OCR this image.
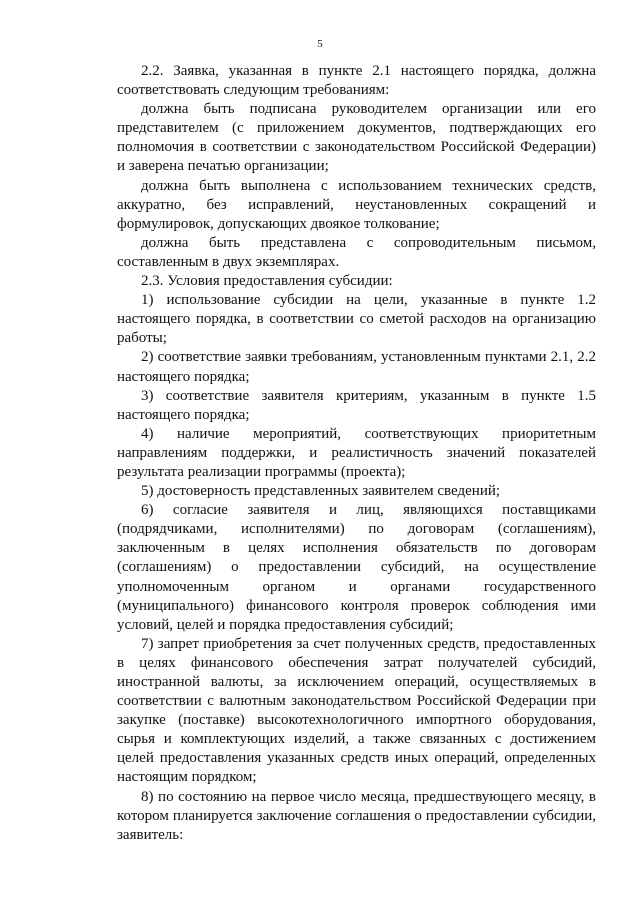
5

2.2. Заявка, указанная в пункте 2.1 настоящего порядка, должна соответствовать следующим требованиям:

должна быть подписана руководителем организации или его представителем (с приложением документов, подтверждающих его полномочия в соответствии с законодательством Российской Федерации) и заверена печатью организации;

должна быть выполнена с использованием технических средств, аккуратно, без исправлений, неустановленных сокращений и формулировок, допускающих двоякое толкование;

должна быть представлена с сопроводительным письмом, составленным в двух экземплярах.

2.3. Условия предоставления субсидии:

1) использование субсидии на цели, указанные в пункте 1.2 настоящего порядка, в соответствии со сметой расходов на организацию работы;

2) соответствие заявки требованиям, установленным пунктами 2.1, 2.2 настоящего порядка;

3) соответствие заявителя критериям, указанным в пункте 1.5 настоящего порядка;

4) наличие мероприятий, соответствующих приоритетным направлениям поддержки, и реалистичность значений показателей результата реализации программы (проекта);

5) достоверность представленных заявителем сведений;

6) согласие заявителя и лиц, являющихся поставщиками (подрядчиками, исполнителями) по договорам (соглашениям), заключенным в целях исполнения обязательств по договорам (соглашениям) о предоставлении субсидий, на осуществление уполномоченным органом и органами государственного (муниципального) финансового контроля проверок соблюдения ими условий, целей и порядка предоставления субсидий;

7) запрет приобретения за счет полученных средств, предоставленных в целях финансового обеспечения затрат получателей субсидий, иностранной валюты, за исключением операций, осуществляемых в соответствии с валютным законодательством Российской Федерации при закупке (поставке) высокотехнологичного импортного оборудования, сырья и комплектующих изделий, а также связанных с достижением целей предоставления указанных средств иных операций, определенных настоящим порядком;

8) по состоянию на первое число месяца, предшествующего месяцу, в котором планируется заключение соглашения о предоставлении субсидии, заявитель:
